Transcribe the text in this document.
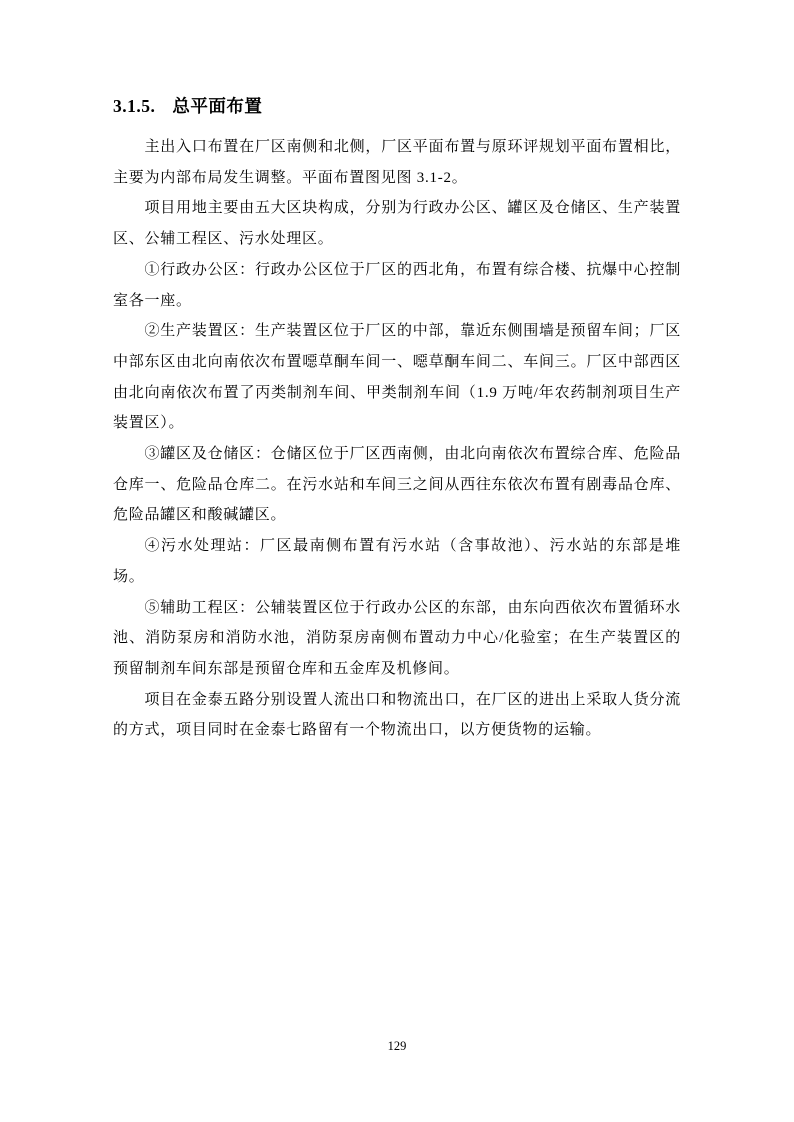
3.1.5. 总平面布置

主出入口布置在厂区南侧和北侧，厂区平面布置与原环评规划平面布置相比，主要为内部布局发生调整。平面布置图见图 3.1-2。

项目用地主要由五大区块构成，分别为行政办公区、罐区及仓储区、生产装置区、公辅工程区、污水处理区。

①行政办公区：行政办公区位于厂区的西北角，布置有综合楼、抗爆中心控制室各一座。

②生产装置区：生产装置区位于厂区的中部，靠近东侧围墙是预留车间；厂区中部东区由北向南依次布置噁草酮车间一、噁草酮车间二、车间三。厂区中部西区由北向南依次布置了丙类制剂车间、甲类制剂车间（1.9 万吨/年农药制剂项目生产装置区）。

③罐区及仓储区：仓储区位于厂区西南侧，由北向南依次布置综合库、危险品仓库一、危险品仓库二。在污水站和车间三之间从西往东依次布置有剧毒品仓库、危险品罐区和酸碱罐区。

④污水处理站：厂区最南侧布置有污水站（含事故池）、污水站的东部是堆场。

⑤辅助工程区：公辅装置区位于行政办公区的东部，由东向西依次布置循环水池、消防泵房和消防水池，消防泵房南侧布置动力中心/化验室；在生产装置区的预留制剂车间东部是预留仓库和五金库及机修间。

项目在金泰五路分别设置人流出口和物流出口，在厂区的进出上采取人货分流的方式，项目同时在金泰七路留有一个物流出口，以方便货物的运输。

129
